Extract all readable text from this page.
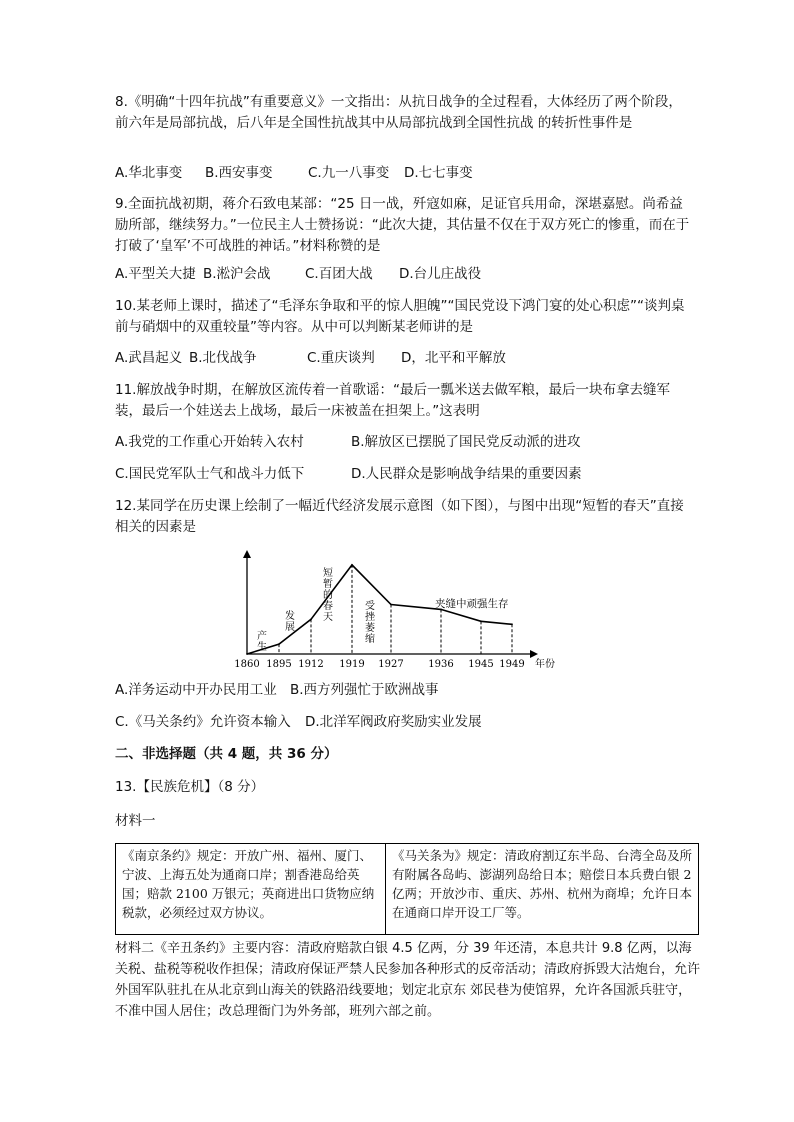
8.《明确“十四年抗战”有重要意义》一文指出：从抗日战争的全过程看，大体经历了两个阶段，前六年是局部抗战，后八年是全国性抗战其中从局部抗战到全国性抗战 的转折性事件是

A.华北事变 B.西安事变	C.九一八事变 D.七七事变

9.全面抗战初期，蒋介石致电某部：“25 日一战，歼寇如麻，足证官兵用命，深堪嘉慰。尚希益励所部，继续努力。”一位民主人士赞扬说：“此次大捷，其估量不仅在于双方死亡的惨重，而在于打破了‘皇军’不可战胜的神话。”材料称赞的是

A.平型关大捷 B.淞沪会战	C.百团大战 D.台儿庄战役

10.某老师上课时，描述了“毛泽东争取和平的惊人胆魄”“国民党设下鸿门宴的处心积虑”“谈判桌前与硝烟中的双重较量”等内容。从中可以判断某老师讲的是

A.武昌起义 B.北伐战争	C.重庆谈判 D，北平和平解放

11.解放战争时期，在解放区流传着一首歌谣：“最后一瓢米送去做军粮，最后一块布拿去缝军装，最后一个娃送去上战场，最后一床被盖在担架上。”这表明

A.我党的工作重心开始转入农村	B.解放区已摆脱了国民党反动派的进攻
C.国民党军队士气和战斗力低下	D.人民群众是影响战争结果的重要因素

12.某同学在历史课上绘制了一幅近代经济发展示意图（如下图），与图中出现“短暂的春天”直接相关的因素是

1860 1895 1912 1919 1927 1936 1945 1949 年份
产生
发展	短暂的春天	受挫萎缩	夹缝中顽强生存
A.洋务运动中开办民用工业 B.西方列强忙于欧洲战事
C.《马关条约》允许资本输入 D.北洋军阀政府奖励实业发展
二、非选择题（共 4 题，共 36 分）
13.【民族危机】（8 分）
材料一
《南京条约》规定：开放广州、福州、厦门、宁波、上海五处为通商口岸；割香港岛给英国；赔款 2100 万银元；英商进出口货物应纳税款，必须经过双方协议。
《马关条为》规定：清政府割辽东半岛、台湾全岛及所有附属各岛屿、澎湖列岛给日本；赔偿日本兵费白银 2 亿两；开放沙市、重庆、苏州、杭州为商埠；允许日本在通商口岸开设工厂等。

材料二《辛丑条约》主要内容：清政府赔款白银 4.5 亿两，分 39 年还清，本息共计 9.8 亿两，以海关税、盐税等税收作担保；清政府保证严禁人民参加各种形式的反帝活动；清政府拆毁大沽炮台，允许外国军队驻扎在从北京到山海关的铁路沿线要地；划定北京东 郊民巷为使馆界，允许各国派兵驻守，不准中国人居住；改总理衙门为外务部，班列六部之前。
